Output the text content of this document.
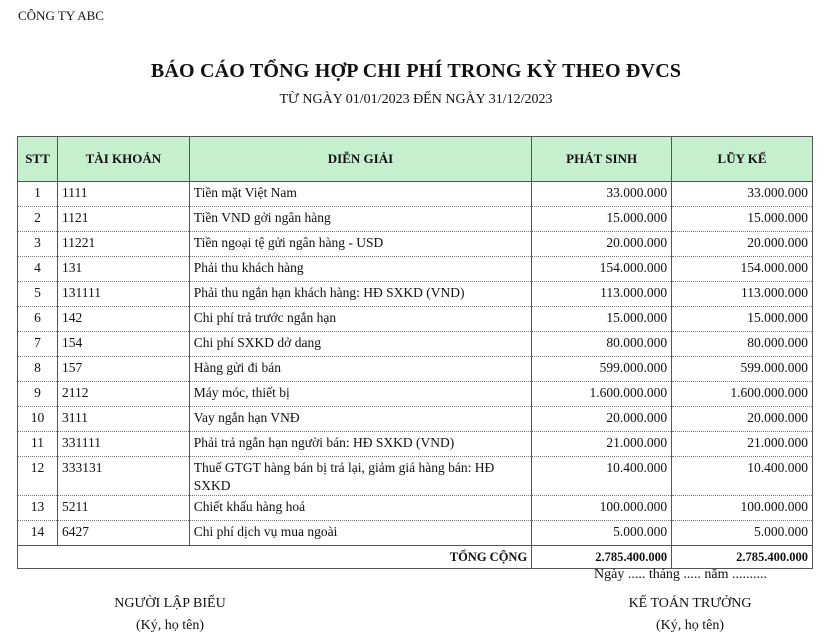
CÔNG TY ABC
BÁO CÁO TỔNG HỢP CHI PHÍ TRONG KỲ THEO ĐVCS
TỪ NGÀY 01/01/2023 ĐẾN NGÀY 31/12/2023
STT	TÀI KHOẢN	DIỄN GIẢI	PHÁT SINH	LŨY KẾ
1	1111	Tiền mặt Việt Nam	33.000.000	33.000.000
2	1121	Tiền VND gởi ngân hàng	15.000.000	15.000.000
3	11221	Tiền ngoại tệ gửi ngân hàng - USD	20.000.000	20.000.000
4	131	Phải thu khách hàng	154.000.000	154.000.000
5	131111	Phải thu ngắn hạn khách hàng: HĐ SXKD (VND)	113.000.000	113.000.000
6	142	Chi phí trả trước ngắn hạn	15.000.000	15.000.000
7	154	Chi phí SXKD dở dang	80.000.000	80.000.000
8	157	Hàng gửi đi bán	599.000.000	599.000.000
9	2112	Máy móc, thiết bị	1.600.000.000	1.600.000.000
10	3111	Vay ngắn hạn VNĐ	20.000.000	20.000.000
11	331111	Phải trả ngắn hạn người bán: HĐ SXKD (VND)	21.000.000	21.000.000
12	333131	Thuế GTGT hàng bán bị trả lại, giảm giá hàng bán: HĐ SXKD	10.400.000	10.400.000
13	5211	Chiết khấu hàng hoá	100.000.000	100.000.000
14	6427	Chi phí dịch vụ mua ngoài	5.000.000	5.000.000
TỔNG CỘNG			2.785.400.000	2.785.400.000
Ngày ..... tháng ..... năm ..........
NGƯỜI LẬP BIỂU
(Ký, họ tên)
KẾ TOÁN TRƯỞNG
(Ký, họ tên)
